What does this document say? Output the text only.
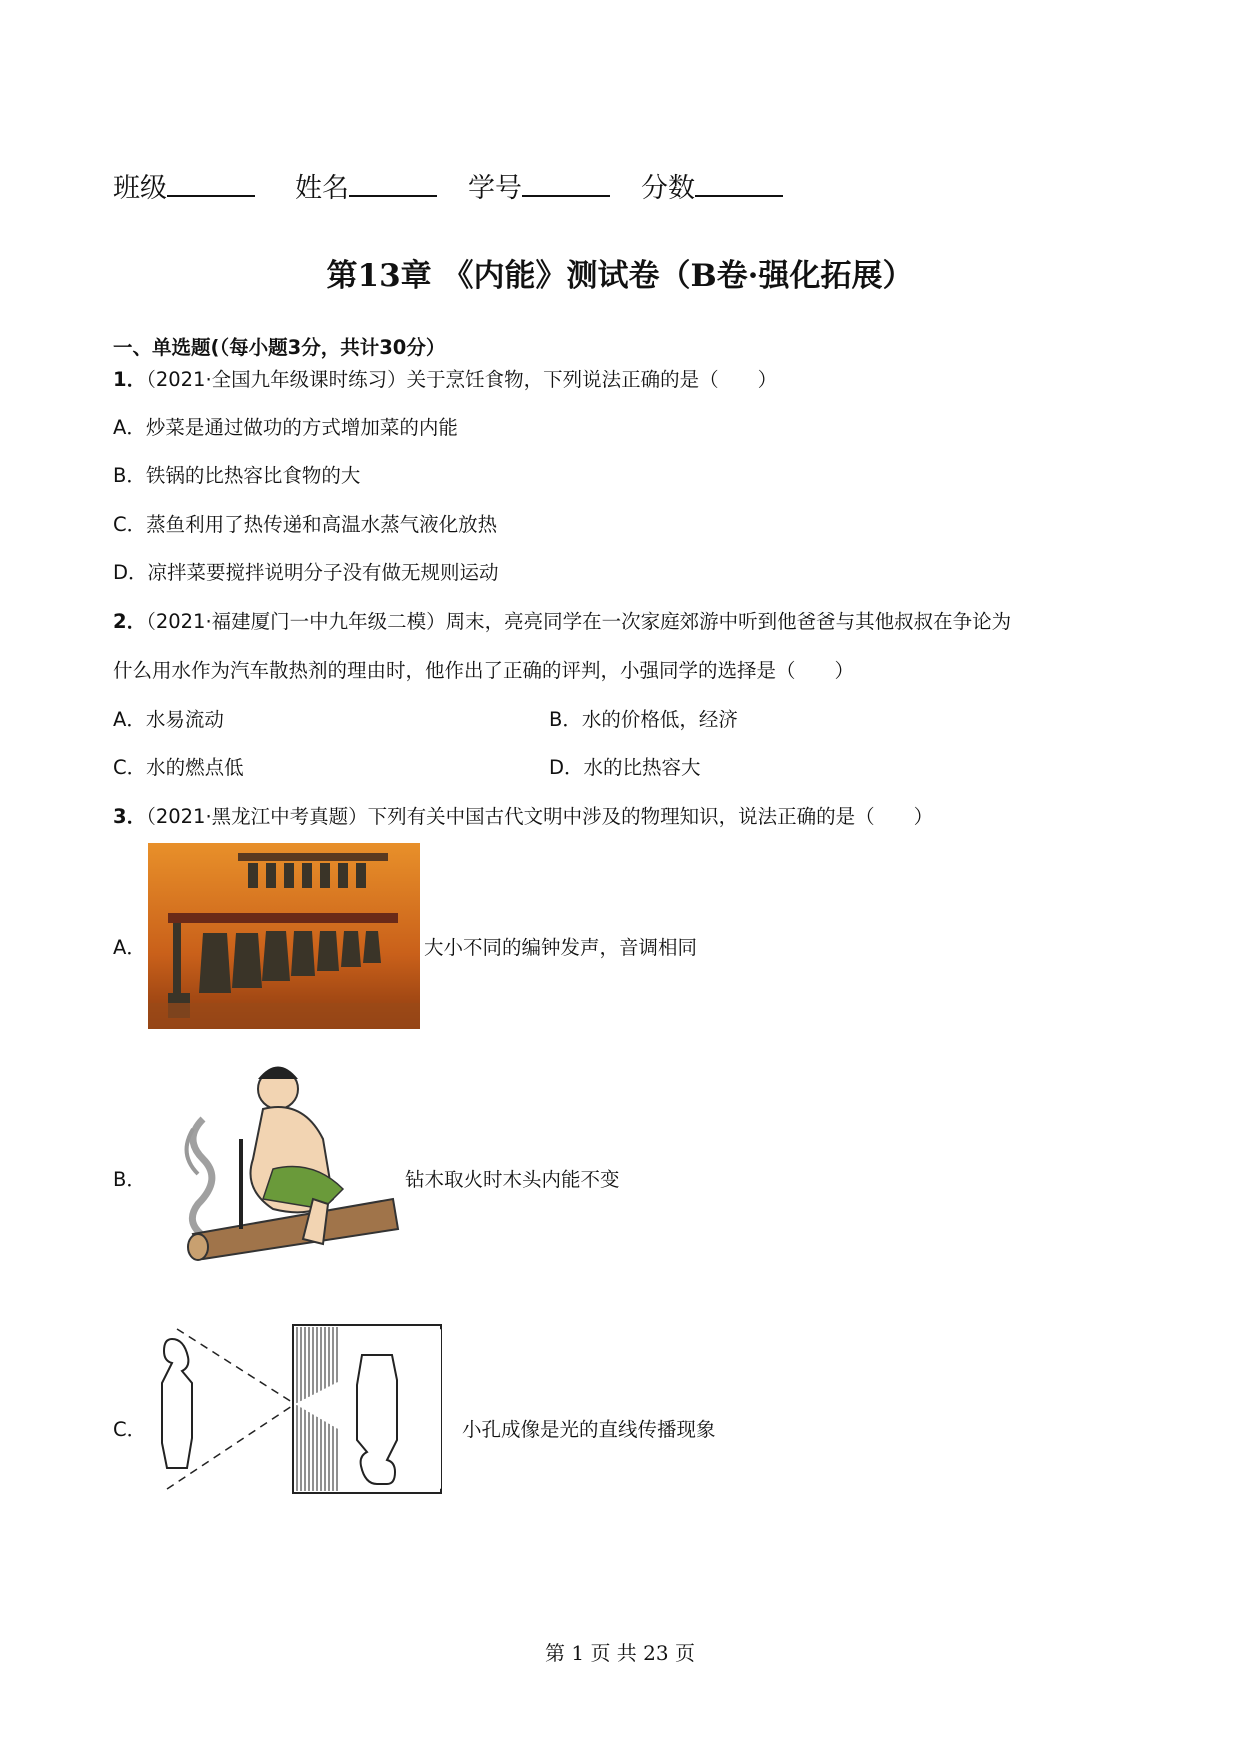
班级	姓名	学号	分数
第13章 《内能》测试卷（B卷·强化拓展）
一、单选题(（每小题3分，共计30分）
1．（2021·全国九年级课时练习）关于烹饪食物，下列说法正确的是（　　）
A．炒菜是通过做功的方式增加菜的内能
B．铁锅的比热容比食物的大
C．蒸鱼利用了热传递和高温水蒸气液化放热
D．凉拌菜要搅拌说明分子没有做无规则运动
2．（2021·福建厦门一中九年级二模）周末，亮亮同学在一次家庭郊游中听到他爸爸与其他叔叔在争论为
什么用水作为汽车散热剂的理由时，他作出了正确的评判，小强同学的选择是（　　）
A．水易流动	B．水的价格低，经济
C．水的燃点低	D．水的比热容大
3．（2021·黑龙江中考真题）下列有关中国古代文明中涉及的物理知识，说法正确的是（　　）
A．	大小不同的编钟发声，音调相同
B．	钻木取火时木头内能不变
C．	小孔成像是光的直线传播现象
第 1 页 共 23 页
